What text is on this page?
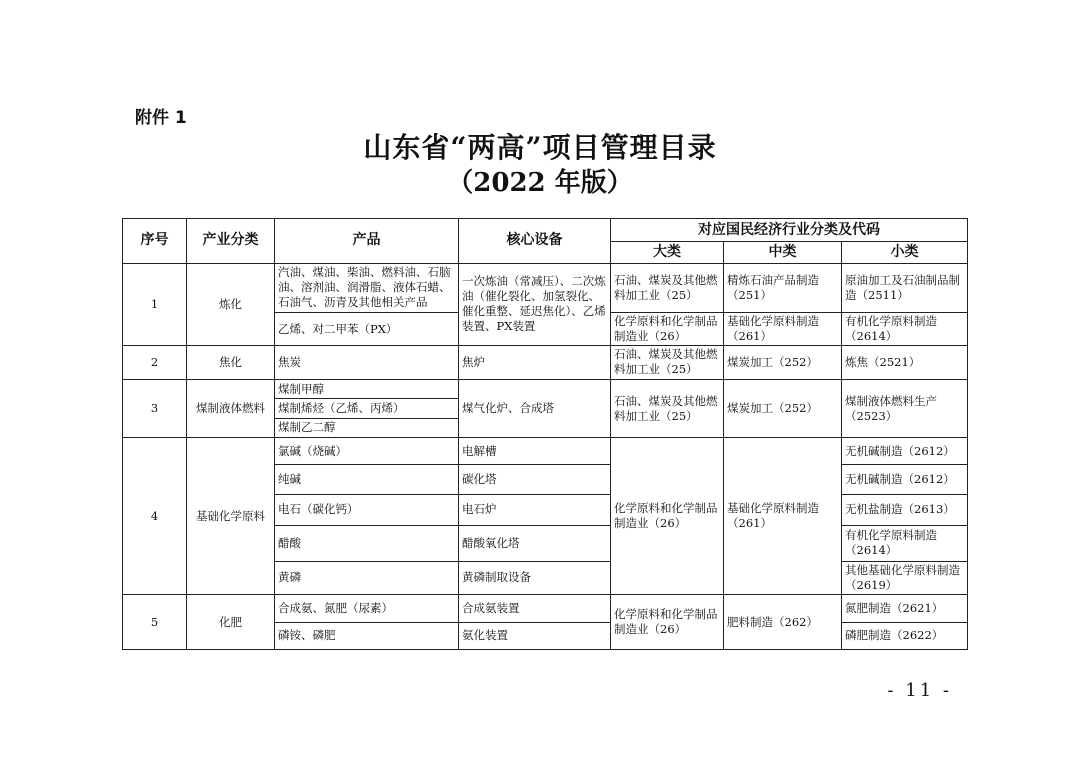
附件 1
山东省“两高”项目管理目录
（2022 年版）
序号	产业分类	产品	核心设备	对应国民经济行业分类及代码		
				大类	中类	小类
1	炼化	汽油、煤油、柴油、燃料油、石脑油、溶剂油、润滑脂、液体石蜡、石油气、沥青及其他相关产品	一次炼油（常减压）、二次炼油（催化裂化、加氢裂化、催化重整、延迟焦化）、乙烯装置、PX装置	石油、煤炭及其他燃料加工业（25）	精炼石油产品制造（251）	原油加工及石油制品制造（2511）
		乙烯、对二甲苯（PX）		化学原料和化学制品制造业（26）	基础化学原料制造（261）	有机化学原料制造（2614）
2	焦化	焦炭	焦炉	石油、煤炭及其他燃料加工业（25）	煤炭加工（252）	炼焦（2521）
3	煤制液体燃料	煤制甲醇	煤气化炉、合成塔	石油、煤炭及其他燃料加工业（25）	煤炭加工（252）	煤制液体燃料生产（2523）
		煤制烯烃（乙烯、丙烯）				
		煤制乙二醇				
4	基础化学原料	氯碱（烧碱）	电解槽	化学原料和化学制品制造业（26）	基础化学原料制造（261）	无机碱制造（2612）
		纯碱	碳化塔			无机碱制造（2612）
		电石（碳化钙）	电石炉			无机盐制造（2613）
		醋酸	醋酸氧化塔			有机化学原料制造（2614）
		黄磷	黄磷制取设备			其他基础化学原料制造（2619）
5	化肥	合成氨、氮肥（尿素）	合成氨装置	化学原料和化学制品制造业（26）	肥料制造（262）	氮肥制造（2621）
		磷铵、磷肥	氨化装置			磷肥制造（2622）
- 11 -
